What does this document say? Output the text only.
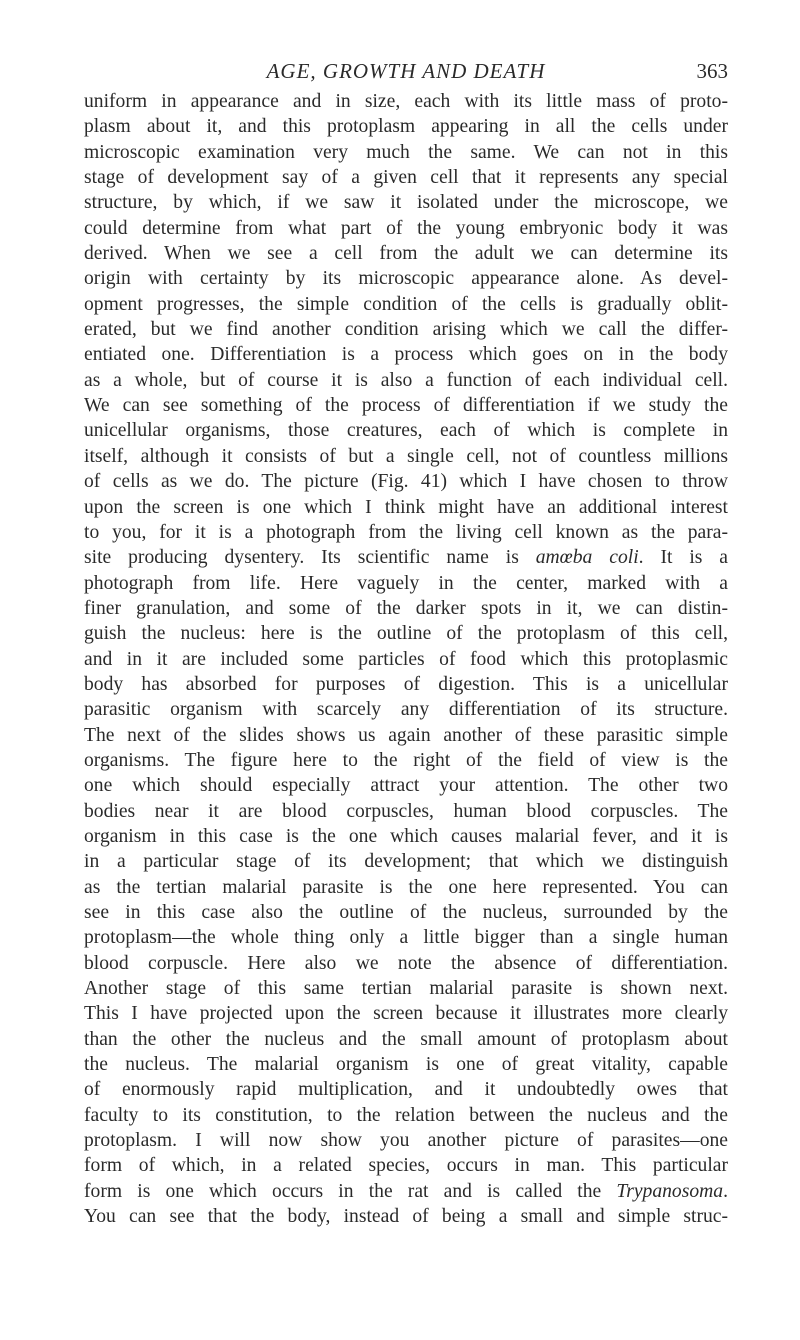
AGE, GROWTH AND DEATH	363
uniform in appearance and in size, each with its little mass of proto-
plasm about it, and this protoplasm appearing in all the cells under
microscopic examination very much the same. We can not in this
stage of development say of a given cell that it represents any special
structure, by which, if we saw it isolated under the microscope, we
could determine from what part of the young embryonic body it was
derived. When we see a cell from the adult we can determine its
origin with certainty by its microscopic appearance alone. As devel-
opment progresses, the simple condition of the cells is gradually oblit-
erated, but we find another condition arising which we call the differ-
entiated one. Differentiation is a process which goes on in the body
as a whole, but of course it is also a function of each individual cell.
We can see something of the process of differentiation if we study the
unicellular organisms, those creatures, each of which is complete in
itself, although it consists of but a single cell, not of countless millions
of cells as we do. The picture (Fig. 41) which I have chosen to throw
upon the screen is one which I think might have an additional interest
to you, for it is a photograph from the living cell known as the para-
site producing dysentery. Its scientific name is amœba coli. It is a
photograph from life. Here vaguely in the center, marked with a
finer granulation, and some of the darker spots in it, we can distin-
guish the nucleus: here is the outline of the protoplasm of this cell,
and in it are included some particles of food which this protoplasmic
body has absorbed for purposes of digestion. This is a unicellular
parasitic organism with scarcely any differentiation of its structure.
The next of the slides shows us again another of these parasitic simple
organisms. The figure here to the right of the field of view is the
one which should especially attract your attention. The other two
bodies near it are blood corpuscles, human blood corpuscles. The
organism in this case is the one which causes malarial fever, and it is
in a particular stage of its development; that which we distinguish
as the tertian malarial parasite is the one here represented. You can
see in this case also the outline of the nucleus, surrounded by the
protoplasm—the whole thing only a little bigger than a single human
blood corpuscle. Here also we note the absence of differentiation.
Another stage of this same tertian malarial parasite is shown next.
This I have projected upon the screen because it illustrates more clearly
than the other the nucleus and the small amount of protoplasm about
the nucleus. The malarial organism is one of great vitality, capable
of enormously rapid multiplication, and it undoubtedly owes that
faculty to its constitution, to the relation between the nucleus and the
protoplasm. I will now show you another picture of parasites—one
form of which, in a related species, occurs in man. This particular
form is one which occurs in the rat and is called the Trypanosoma.
You can see that the body, instead of being a small and simple struc-
